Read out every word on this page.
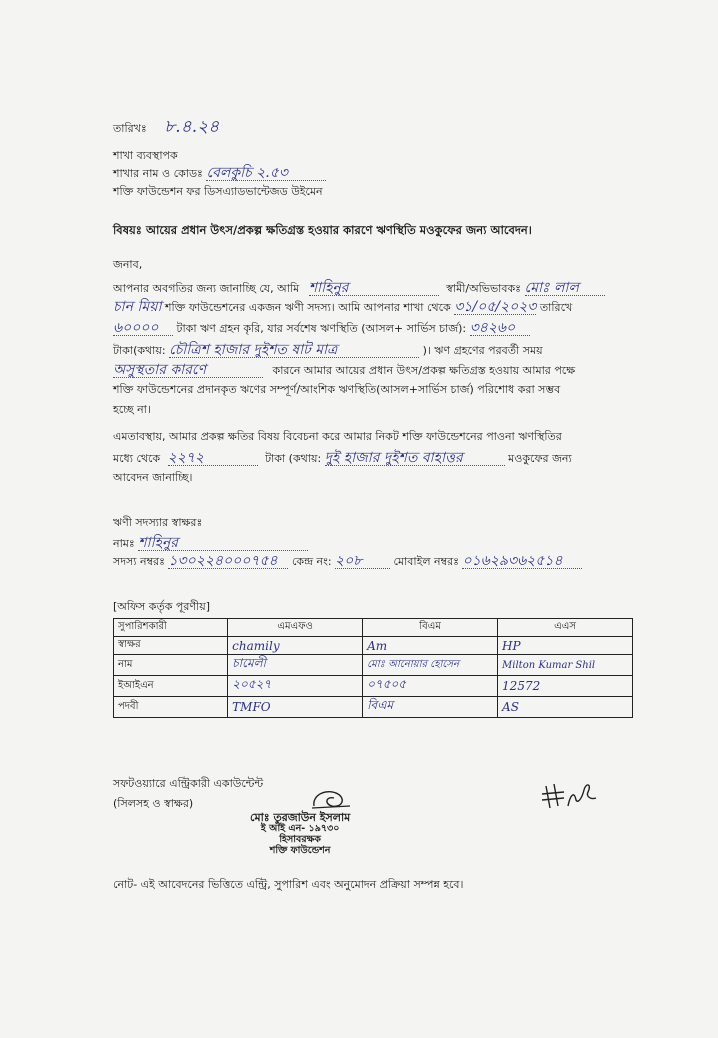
তারিখঃ ৮.৪.২৪
শাখা ব্যবস্থাপক
শাখার নাম ও কোডঃ বেলকুচি ২.৫৩
শক্তি ফাউন্ডেশন ফর ডিসএ্যাডভান্টেজড উইমেন
বিষয়ঃ আয়ের প্রধান উৎস/প্রকল্প ক্ষতিগ্রস্ত হওয়ার কারণে ঋণস্থিতি মওকুফের জন্য আবেদন।
জনাব,
আপনার অবগতির জন্য জানাচ্ছি যে, আমি শাহিনুর	স্বামী/অভিভাবকঃ মোঃ লাল
চান মিয়া শক্তি ফাউন্ডেশনের একজন ঋণী সদস্য। আমি আপনার শাখা থেকে ৩১/০৫/২০২৩ তারিখে
৬০০০০ টাকা ঋণ গ্রহন কৃরি, যার সর্বশেষ ঋণস্থিতি (আসল+ সার্ভিস চার্জ): ৩৪২৬০
টাকা(কথায়: চৌত্রিশ হাজার দুইশত ষাট মাত্র	)। ঋণ গ্রহণের পরবর্তী সময়
অসুস্থতার কারণে	কারনে আমার আয়ের প্রধান উৎস/প্রকল্প ক্ষতিগ্রস্ত হওয়ায় আমার পক্ষে
শক্তি ফাউন্ডেশনের প্রদানকৃত ঋণের সম্পূর্ণ/আংশিক ঋণস্থিতি(আসল+সার্ভিস চার্জ) পরিশোধ করা সম্ভব
হচ্ছে না।
এমতাবস্থায়, আমার প্রকল্প ক্ষতির বিষয় বিবেচনা করে আমার নিকট শক্তি ফাউন্ডেশনের পাওনা ঋণস্থিতির
মধ্যে থেকে ২২৭২	টাকা (কথায়: দুই হাজার দুইশত বাহাত্তর	মওকুফের জন্য
আবেদন জানাচ্ছি।
ঋণী সদস্যার স্বাক্ষরঃ
নামঃ শাহিনুর
সদস্য নম্বরঃ ১৩০২২৪০০০৭৫৪ কেন্দ্র নং: ২০৮	মোবাইল নম্বরঃ ০১৬২৯৩৬২৫১৪
[অফিস কর্তৃক পূরণীয়]
সুপারিশকারী	এমএফও	বিএম	এএস
স্বাক্ষর	chamily	Am	HP
নাম	চামেলী	মোঃ আনোয়ার হোসেন	Milton Kumar Shil
ইআইএন	২০৫২৭	০৭৫০৫	12572
পদবী	TMFO	বিএম	AS
সফটওয়্যারে এন্ট্রিকারী একাউন্টেন্ট
(সিলসহ ও স্বাক্ষর)
মোঃ তুরজাউন ইসলাম
ই আই এন- ১৯৭৩০
হিসাবরক্ষক
শক্তি ফাউন্ডেশন
নোট- এই আবেদনের ভিত্তিতে এন্ট্রি, সুপারিশ এবং অনুমোদন প্রক্রিয়া সম্পন্ন হবে।
